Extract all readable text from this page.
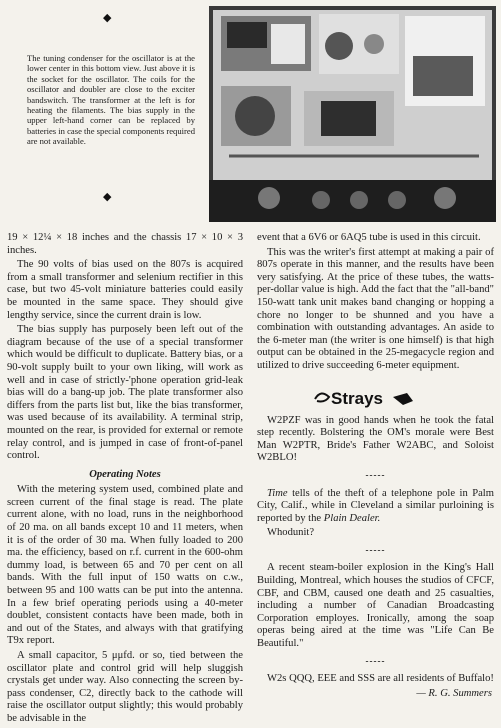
◆
The tuning condenser for the oscillator is at the lower center in this bottom view. Just above it is the socket for the oscillator. The coils for the oscillator and doubler are close to the exciter bandswitch. The transformer at the left is for heating the filaments. The bias supply in the upper left-hand corner can be replaced by batteries in case the special components required are not available.
◆

19 × 12¼ × 18 inches and the chassis 17 × 10 × 3 inches.

The 90 volts of bias used on the 807s is acquired from a small transformer and selenium rectifier in this case, but two 45-volt miniature batteries could easily be mounted in the same space. They should give lengthy service, since the current drain is low.

The bias supply has purposely been left out of the diagram because of the use of a special transformer which would be difficult to duplicate. Battery bias, or a 90-volt supply built to your own liking, will work as well and in case of strictly-'phone operation grid-leak bias will do a bang-up job. The plate transformer also differs from the parts list but, like the bias transformer, was used because of its availability. A terminal strip, mounted on the rear, is provided for external or remote relay control, and is jumped in case of front-of-panel control.

Operating Notes

With the metering system used, combined plate and screen current of the final stage is read. The plate current alone, with no load, runs in the neighborhood of 20 ma. on all bands except 10 and 11 meters, when it is of the order of 30 ma. When fully loaded to 200 ma. the efficiency, based on r.f. current in the 600-ohm dummy load, is between 65 and 70 per cent on all bands. With the full input of 150 watts on c.w., between 95 and 100 watts can be put into the antenna. In a few brief operating periods using a 40-meter doublet, consistent contacts have been made, both in and out of the States, and always with that gratifying T9x report.

A small capacitor, 5 μμfd. or so, tied between the oscillator plate and control grid will help sluggish crystals get under way. Also connecting the screen by-pass condenser, C2, directly back to the cathode will raise the oscillator output slightly; this would probably be advisable in the

event that a 6V6 or 6AQ5 tube is used in this circuit.

This was the writer's first attempt at making a pair of 807s operate in this manner, and the results have been very satisfying. At the price of these tubes, the watts-per-dollar value is high. Add the fact that the "all-band" 150-watt tank unit makes band changing or hopping a chore no longer to be shunned and you have a combination with outstanding advantages. An aside to the 6-meter man (the writer is one himself) is that high output can be obtained in the 25-megacycle region and utilized to drive succeeding 6-meter equipment.

Strays

W2PZF was in good hands when he took the fatal step recently. Bolstering the OM's morale were Best Man W2PTR, Bride's Father W2ABC, and Soloist W2BLO!

-----

Time tells of the theft of a telephone pole in Palm City, Calif., while in Cleveland a similar purloining is reported by the Plain Dealer.

Whodunit?

-----

A recent steam-boiler explosion in the King's Hall Building, Montreal, which houses the studios of CFCF, CBF, and CBM, caused one death and 25 casualties, including a number of Canadian Broadcasting Corporation employes. Ironically, among the soap operas being aired at the time was "Life Can Be Beautiful."

-----

W2s QQQ, EEE and SSS are all residents of Buffalo!

— R. G. Summers
